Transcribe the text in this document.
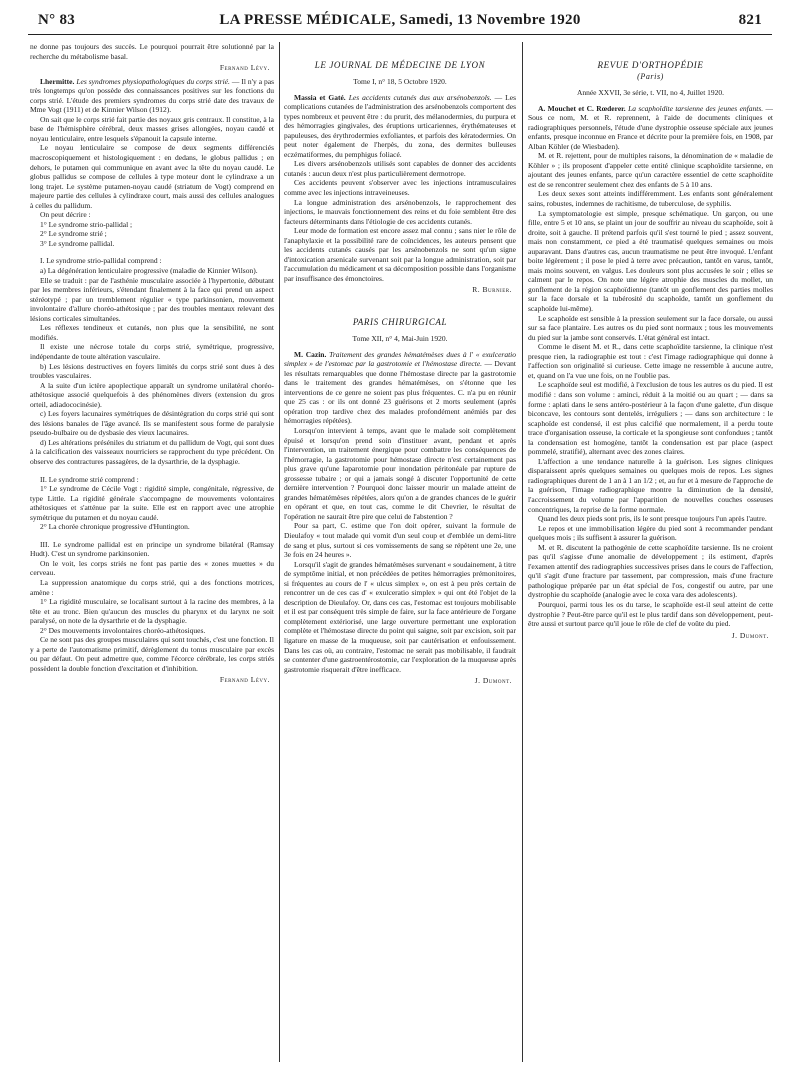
N° 83	LA PRESSE MÉDICALE, Samedi, 13 Novembre 1920	821

ne donne pas toujours des succès. Le pourquoi pourrait être solutionné par la recherche du métabolisme basal.

Fernand Lévy.

Lhermitte. Les syndromes physiopathologiques du corps strié. — Il n'y a pas très longtemps qu'on possède des connaissances positives sur les fonctions du corps strié. L'étude des premiers syndromes du corps strié date des travaux de Mme Vogt (1911) et de Kinnier Wilson (1912).

On sait que le corps strié fait partie des noyaux gris centraux. Il constitue, à la base de l'hémisphère cérébral, deux masses grises allongées, noyau caudé et noyau lenticulaire, entre lesquels s'épanouit la capsule interne.

Le noyau lenticulaire se compose de deux segments différenciés macroscopiquement et histologiquement : en dedans, le globus pallidus ; en dehors, le putamen qui communique en avant avec la tête du noyau caudé. Le globus pallidus se compose de cellules à type moteur dont le cylindraxe a un long trajet. Le système putamen-noyau caudé (striatum de Vogt) comprend en majeure partie des cellules à cylindraxe court, mais aussi des cellules analogues à celles du pallidum.

On peut décrire :

1° Le syndrome strio-pallidal ;

2° Le syndrome strié ;

3° Le syndrome pallidal.

I. Le syndrome strio-pallidal comprend :

a) La dégénération lenticulaire progressive (maladie de Kinnier Wilson).

Elle se traduit : par de l'asthénie musculaire associée à l'hypertonie, débutant par les membres inférieurs, s'étendant finalement à la face qui prend un aspect stéréotypé ; par un tremblement régulier « type parkinsonien, mouvement involontaire d'allure choréo-athétosique ; par des troubles mentaux relevant des lésions corticales simultanées.

Les réflexes tendineux et cutanés, non plus que la sensibilité, ne sont modifiés.

Il existe une nécrose totale du corps strié, symétrique, progressive, indépendante de toute altération vasculaire.

b) Les lésions destructives en foyers limités du corps strié sont dues à des troubles vasculaires.

A la suite d'un ictère apoplectique apparaît un syndrome unilatéral choréo-athétosique associé quelquefois à des phénomènes divers (extension du gros orteil, adiadococinésie).

c) Les foyers lacunaires symétriques de désintégration du corps strié qui sont des lésions banales de l'âge avancé. Ils se manifestent sous forme de paralysie pseudo-bulbaire ou de dysbasie des vieux lacunaires.

d) Les altérations préséniles du striatum et du pallidum de Vogt, qui sont dues à la calcification des vaisseaux nourriciers se rapprochent du type précédent. On observe des contractures passagères, de la dysarthrie, de la dysphagie.

II. Le syndrome strié comprend :

1° Le syndrome de Cécile Vogt : rigidité simple, congénitale, régressive, de type Little. La rigidité générale s'accompagne de mouvements volontaires athétosiques et s'atténue par la suite. Elle est en rapport avec une atrophie symétrique du putamen et du noyau caudé.

2° La chorée chronique progressive d'Huntington.

III. Le syndrome pallidal est en principe un syndrome bilatéral (Ramsay Hudt). C'est un syndrome parkinsonien.

On le voit, les corps striés ne font pas partie des « zones muettes » du cerveau.

La suppression anatomique du corps strié, qui a des fonctions motrices, amène :

1° La rigidité musculaire, se localisant surtout à la racine des membres, à la tête et au tronc. Bien qu'aucun des muscles du pharynx et du larynx ne soit paralysé, on note de la dysarthrie et de la dysphagie.

2° Des mouvements involontaires choréo-athétosiques.

Ce ne sont pas des groupes musculaires qui sont touchés, c'est une fonction. Il y a perte de l'automatisme primitif, dérèglement du tonus musculaire par excès ou par défaut. On peut admettre que, comme l'écorce cérébrale, les corps striés possèdent la double fonction d'excitation et d'inhibition.

Fernand Lévy.
LE JOURNAL DE MÉDECINE DE LYON
Tome I, n° 18, 5 Octobre 1920.

Massia et Gaté. Les accidents cutanés dus aux arsénobenzols. — Les complications cutanées de l'administration des arsénobenzols comportent des types nombreux et peuvent être : du prurit, des mélanodermies, du purpura et des hémorragies gingivales, des éruptions urticariennes, érythémateuses et papuleuses, des érythrodermies exfoliantes, et parfois des kératodermies. On peut noter également de l'herpès, du zona, des dermites bulleuses eczématiformes, du pemphigus foliacé.

Les divers arsénobenzols utilisés sont capables de donner des accidents cutanés : aucun deux n'est plus particulièrement dermotrope.

Ces accidents peuvent s'observer avec les injections intramusculaires comme avec les injections intraveineuses.

La longue administration des arsénobenzols, le rapprochement des injections, le mauvais fonctionnement des reins et du foie semblent être des facteurs déterminants dans l'étiologie de ces accidents cutanés.

Leur mode de formation est encore assez mal connu ; sans nier le rôle de l'anaphylaxie et la possibilité rare de coïncidences, les auteurs pensent que les accidents cutanés causés par les arsénobenzols ne sont qu'un signe d'intoxication arsenicale survenant soit par la longue administration, soit par l'accumulation du médicament et sa décomposition possible dans l'organisme par insuffisance des émonctoires.

R. Burnier.
PARIS CHIRURGICAL
Tome XII, n° 4, Mai-Juin 1920.

M. Cazin. Traitement des grandes hématémèses dues à l' « exulceratio simplex » de l'estomac par la gastrotomie et l'hémostase directe. — Devant les résultats remarquables que donne l'hémostase directe par la gastrotomie dans le traitement des grandes hématémèses, on s'étonne que les interventions de ce genre ne soient pas plus fréquentes. C. n'a pu en réunir que 25 cas : or ils ont donné 23 guérisons et 2 morts seulement (après opération trop tardive chez des malades profondément anémiés par des hémorragies répétées).

Lorsqu'on intervient à temps, avant que le malade soit complètement épuisé et lorsqu'on prend soin d'instituer avant, pendant et après l'intervention, un traitement énergique pour combattre les conséquences de l'hémorragie, la gastrotomie pour hémostase directe n'est certainement pas plus grave qu'une laparotomie pour inondation péritonéale par rupture de grossesse tubaire ; or qui a jamais songé à discuter l'opportunité de cette dernière intervention ? Pourquoi donc laisser mourir un malade atteint de grandes hématémèses répétées, alors qu'on a de grandes chances de le guérir en opérant et que, en tout cas, comme le dit Chevrier, le résultat de l'opération ne saurait être pire que celui de l'abstention ?

Pour sa part, C. estime que l'on doit opérer, suivant la formule de Dieulafoy « tout malade qui vomit d'un seul coup et d'emblée un demi-litre de sang et plus, surtout si ces vomissements de sang se répètent une 2e, une 3e fois en 24 heures ».

Lorsqu'il s'agit de grandes hématémèses survenant « soudainement, à titre de symptôme initial, et non précédées de petites hémorragies prémonitoires, si fréquentes au cours de l' « ulcus simplex », on est à peu près certain de rencontrer un de ces cas d' « exulceratio simplex » qui ont été l'objet de la description de Dieulafoy. Or, dans ces cas, l'estomac est toujours mobilisable et il est par conséquent très simple de faire, sur la face antérieure de l'organe complètement extériorisé, une large ouverture permettant une exploration complète et l'hémostase directe du point qui saigne, soit par excision, soit par ligature en masse de la muqueuse, soit par cautérisation et enfouissement. Dans les cas où, au contraire, l'estomac ne serait pas mobilisable, il faudrait se contenter d'une gastroentérostomie, car l'exploration de la muqueuse après gastrotomie risquerait d'être inefficace.

J. Dumont.
REVUE D'ORTHOPÉDIE
(Paris)
Année XXVII, 3e série, t. VII, no 4, Juillet 1920.

A. Mouchet et C. Rœderer. La scaphoïdite tarsienne des jeunes enfants. — Sous ce nom, M. et R. reprennent, à l'aide de documents cliniques et radiographiques personnels, l'étude d'une dystrophie osseuse spéciale aux jeunes enfants, presque inconnue en France et décrite pour la première fois, en 1908, par Alban Köhler (de Wiesbaden).

M. et R. rejettent, pour de multiples raisons, la dénomination de « maladie de Köhler » ; ils proposent d'appeler cette entité clinique scaphoïdite tarsienne, en ajoutant des jeunes enfants, parce qu'un caractère essentiel de cette scaphoïdite est de se rencontrer seulement chez des enfants de 5 à 10 ans.

Les deux sexes sont atteints indifféremment. Les enfants sont généralement sains, robustes, indemnes de rachitisme, de tuberculose, de syphilis.

La symptomatologie est simple, presque schématique. Un garçon, ou une fille, entre 5 et 10 ans, se plaint un jour de souffrir au niveau du scaphoïde, soit à droite, soit à gauche. Il prétend parfois qu'il s'est tourné le pied ; assez souvent, mais non constamment, ce pied a été traumatisé quelques semaines ou mois auparavant. Dans d'autres cas, aucun traumatisme ne peut être invoqué. L'enfant boite légèrement ; il pose le pied à terre avec précaution, tantôt en varus, tantôt, mais moins souvent, en valgus. Les douleurs sont plus accusées le soir ; elles se calment par le repos. On note une légère atrophie des muscles du mollet, un gonflement de la région scaphoïdienne (tantôt un gonflement des parties molles sur la face dorsale et la tubérosité du scaphoïde, tantôt un gonflement du scaphoïde lui-même).

Le scaphoïde est sensible à la pression seulement sur la face dorsale, ou aussi sur sa face plantaire. Les autres os du pied sont normaux ; tous les mouvements du pied sur la jambe sont conservés. L'état général est intact.

Comme le disent M. et R., dans cette scaphoïdite tarsienne, la clinique n'est presque rien, la radiographie est tout : c'est l'image radiographique qui donne à l'affection son originalité si curieuse. Cette image ne ressemble à aucune autre, et, quand on l'a vue une fois, on ne l'oublie pas.

Le scaphoïde seul est modifié, à l'exclusion de tous les autres os du pied. Il est modifié : dans son volume : aminci, réduit à la moitié ou au quart ; — dans sa forme : aplati dans le sens antéro-postérieur à la façon d'une galette, d'un disque biconcave, les contours sont dentelés, irréguliers ; — dans son architecture : le scaphoïde est condensé, il est plus calcifié que normalement, il a perdu toute trace d'organisation osseuse, la corticale et la spongieuse sont confondues ; tantôt la condensation est homogène, tantôt la condensation est par place (aspect pommelé, stratifié), alternant avec des zones claires.

L'affection a une tendance naturelle à la guérison. Les signes cliniques disparaissent après quelques semaines ou quelques mois de repos. Les signes radiographiques durent de 1 an à 1 an 1/2 ; et, au fur et à mesure de l'approche de la guérison, l'image radiographique montre la diminution de la densité, l'accroissement du volume par l'apparition de nouvelles couches osseuses concentriques, la reprise de la forme normale.

Quand les deux pieds sont pris, ils le sont presque toujours l'un après l'autre.

Le repos et une immobilisation légère du pied sont à recommander pendant quelques mois ; ils suffisent à assurer la guérison.

M. et R. discutent la pathogénie de cette scaphoïdite tarsienne. Ils ne croient pas qu'il s'agisse d'une anomalie de développement ; ils estiment, d'après l'examen attentif des radiographies successives prises dans le cours de l'affection, qu'il s'agit d'une fracture par tassement, par compression, mais d'une fracture pathologique préparée par un état spécial de l'os, congestif ou autre, par une dystrophie du scaphoïde (analogie avec le coxa vara des adolescents).

Pourquoi, parmi tous les os du tarse, le scaphoïde est-il seul atteint de cette dystrophie ? Peut-être parce qu'il est le plus tardif dans son développement, peut-être aussi et surtout parce qu'il joue le rôle de clef de voûte du pied.

J. Dumont.
